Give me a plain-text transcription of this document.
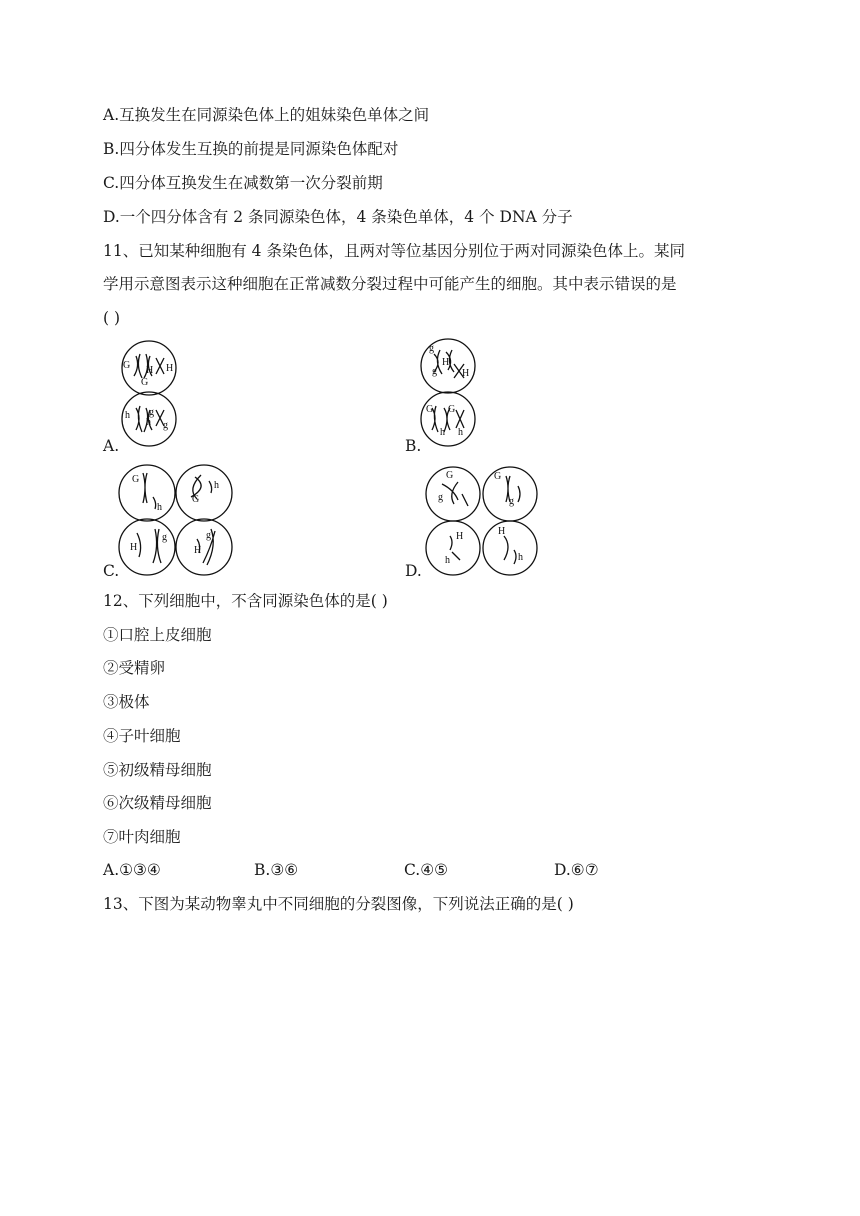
A.互换发生在同源染色体上的姐妹染色单体之间
B.四分体发生互换的前提是同源染色体配对
C.四分体互换发生在减数第一次分裂前期
D.一个四分体含有 2 条同源染色体，4 条染色单体，4 个 DNA 分子
11、已知某种细胞有 4 条染色体，且两对等位基因分别位于两对同源染色体上。某同
学用示意图表示这种细胞在正常减数分裂过程中可能产生的细胞。其中表示错误的是
( )
G H H
G
h g
h g
A.
g
H
g	H
G G
h h
B.
G
h
G
h
H
g
H
g
C.
G
g
G
g
H
h
H
h
D.
12、下列细胞中，不含同源染色体的是( )
①口腔上皮细胞
②受精卵
③极体
④子叶细胞
⑤初级精母细胞
⑥次级精母细胞
⑦叶肉细胞
A.①③④	B.③⑥	C.④⑤	D.⑥⑦
13、下图为某动物睾丸中不同细胞的分裂图像，下列说法正确的是( )
